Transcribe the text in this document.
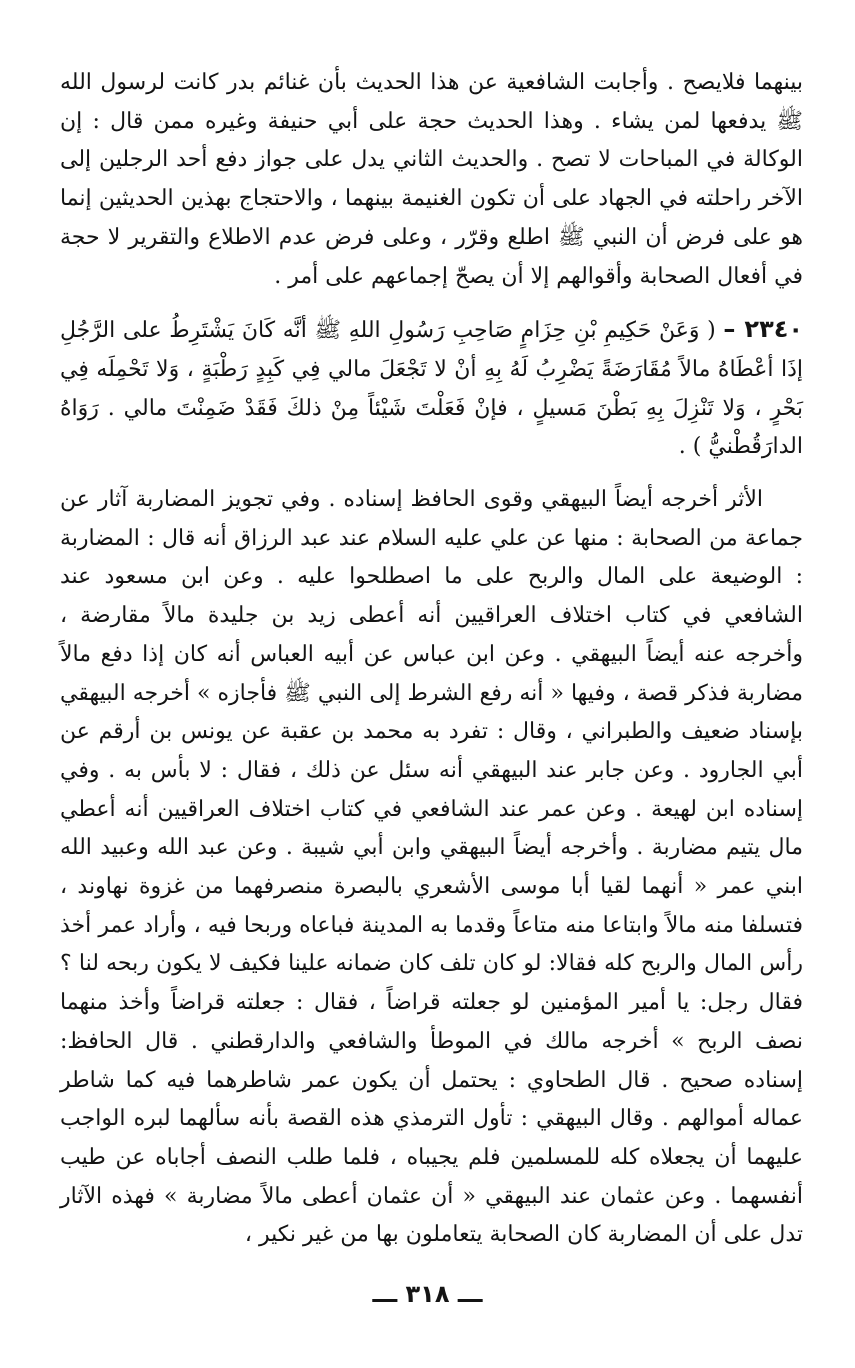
بينهما فلايصح . وأجابت الشافعية عن هذا الحديث بأن غنائم بدر كانت لرسول الله ﷺ يدفعها لمن يشاء . وهذا الحديث حجة على أبي حنيفة وغيره ممن قال : إن الوكالة في المباحات لا تصح . والحديث الثاني يدل على جواز دفع أحد الرجلين إلى الآخر راحلته في الجهاد على أن تكون الغنيمة بينهما ، والاحتجاج بهذين الحديثين إنما هو على فرض أن النبي ﷺ اطلع وقرّر ، وعلى فرض عدم الاطلاع والتقرير لا حجة في أفعال الصحابة وأقوالهم إلا أن يصحّ إجماعهم على أمر .

٢٣٤٠ – ( وَعَنْ حَكِيمِ بْنِ حِزَامٍ صَاحِبِ رَسُولِ اللهِ ﷺ أنَّه كَانَ يَشْتَرِطُ على الرَّجُلِ إذَا أعْطَاهُ مالاً مُقَارَضَةً يَضْرِبُ لَهُ بِهِ أنْ لا تَجْعَلَ مالي فِي كَبِدٍ رَطْبَةٍ ، وَلا تَحْمِلَه فِي بَحْرٍ ، وَلا تَنْزِلَ بِهِ بَطْنَ مَسيلٍ ، فإنْ فَعَلْتَ شَيْئاً مِنْ ذلكَ فَقَدْ ضَمِنْتَ مالي . رَوَاهُ الدارَقُطْنيُّ ) .

الأثر أخرجه أيضاً البيهقي وقوى الحافظ إسناده . وفي تجويز المضاربة آثار عن جماعة من الصحابة : منها عن علي عليه السلام عند عبد الرزاق أنه قال : المضاربة : الوضيعة على المال والربح على ما اصطلحوا عليه . وعن ابن مسعود عند الشافعي في كتاب اختلاف العراقيين أنه أعطى زيد بن جليدة مالاً مقارضة ، وأخرجه عنه أيضاً البيهقي . وعن ابن عباس عن أبيه العباس أنه كان إذا دفع مالاً مضاربة فذكر قصة ، وفيها « أنه رفع الشرط إلى النبي ﷺ فأجازه » أخرجه البيهقي بإسناد ضعيف والطبراني ، وقال : تفرد به محمد بن عقبة عن يونس بن أرقم عن أبي الجارود . وعن جابر عند البيهقي أنه سئل عن ذلك ، فقال : لا بأس به . وفي إسناده ابن لهيعة . وعن عمر عند الشافعي في كتاب اختلاف العراقيين أنه أعطي مال يتيم مضاربة . وأخرجه أيضاً البيهقي وابن أبي شيبة . وعن عبد الله وعبيد الله ابني عمر « أنهما لقيا أبا موسى الأشعري بالبصرة منصرفهما من غزوة نهاوند ، فتسلفا منه مالاً وابتاعا منه متاعاً وقدما به المدينة فباعاه وربحا فيه ، وأراد عمر أخذ رأس المال والربح كله فقالا: لو كان تلف كان ضمانه علينا فكيف لا يكون ربحه لنا ؟ فقال رجل: يا أمير المؤمنين لو جعلته قراضاً ، فقال : جعلته قراضاً وأخذ منهما نصف الربح » أخرجه مالك في الموطأ والشافعي والدارقطني . قال الحافظ: إسناده صحيح . قال الطحاوي : يحتمل أن يكون عمر شاطرهما فيه كما شاطر عماله أموالهم . وقال البيهقي : تأول الترمذي هذه القصة بأنه سألهما لبره الواجب عليهما أن يجعلاه كله للمسلمين فلم يجيباه ، فلما طلب النصف أجاباه عن طيب أنفسهما . وعن عثمان عند البيهقي « أن عثمان أعطى مالاً مضاربة » فهذه الآثار تدل على أن المضاربة كان الصحابة يتعاملون بها من غير نكير ،

ـــ ٣١٨ ـــ
